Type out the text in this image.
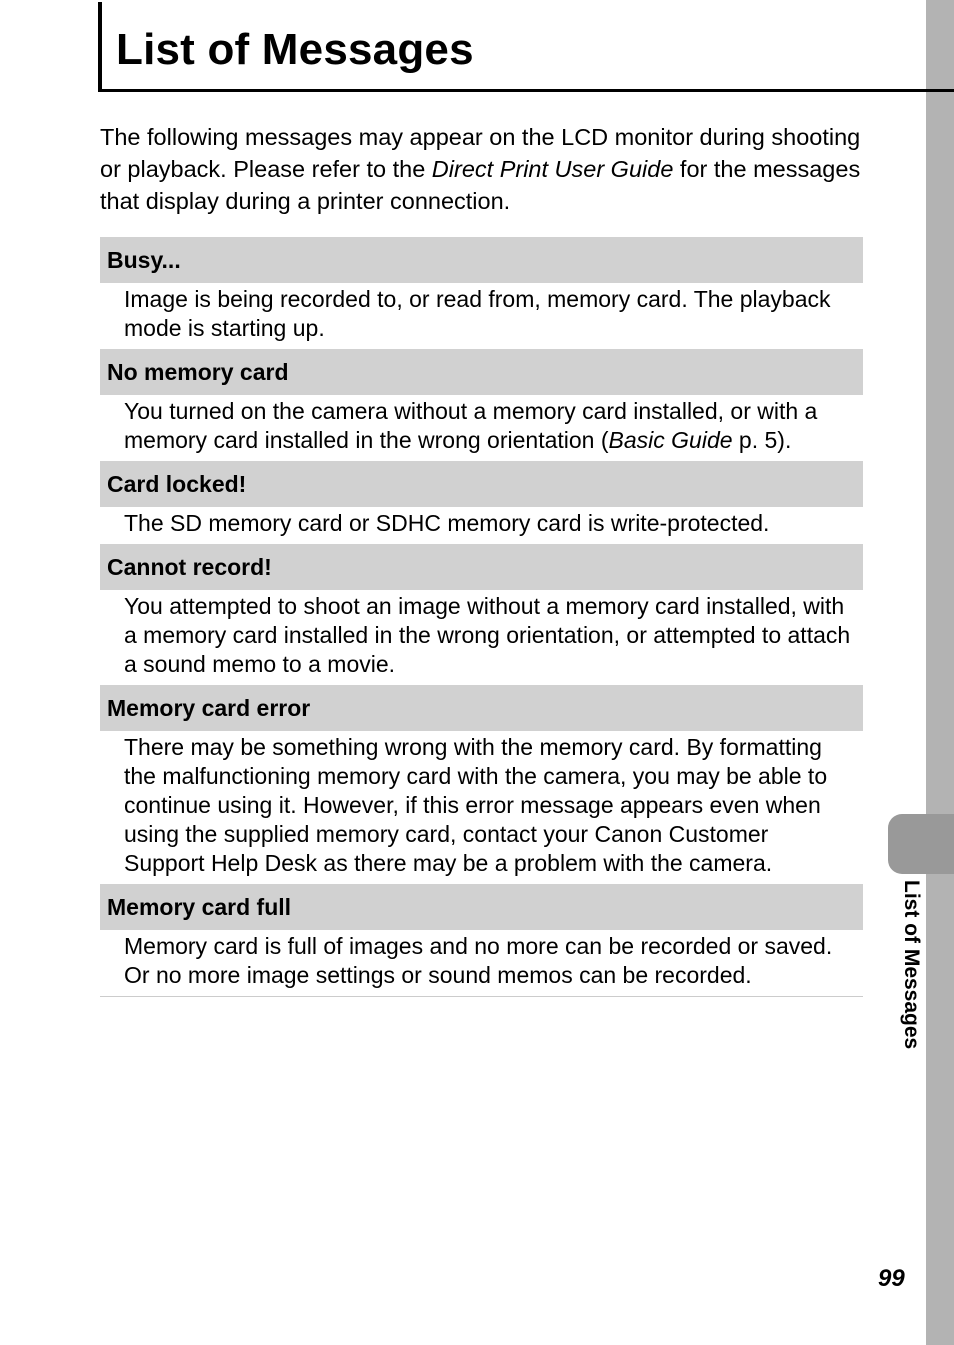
List of Messages
List of Messages

The following messages may appear on the LCD monitor during shooting or playback. Please refer to the Direct Print User Guide for the messages that display during a printer connection.

Busy...

Image is being recorded to, or read from, memory card. The playback mode is starting up.

No memory card

You turned on the camera without a memory card installed, or with a memory card installed in the wrong orientation (Basic Guide p. 5).

Card locked!

The SD memory card or SDHC memory card is write-protected.

Cannot record!

You attempted to shoot an image without a memory card installed, with a memory card installed in the wrong orientation, or attempted to attach a sound memo to a movie.

Memory card error

There may be something wrong with the memory card. By formatting the malfunctioning memory card with the camera, you may be able to continue using it. However, if this error message appears even when using the supplied memory card, contact your Canon Customer Support Help Desk as there may be a problem with the camera.

Memory card full

Memory card is full of images and no more can be recorded or saved. Or no more image settings or sound memos can be recorded.

99
